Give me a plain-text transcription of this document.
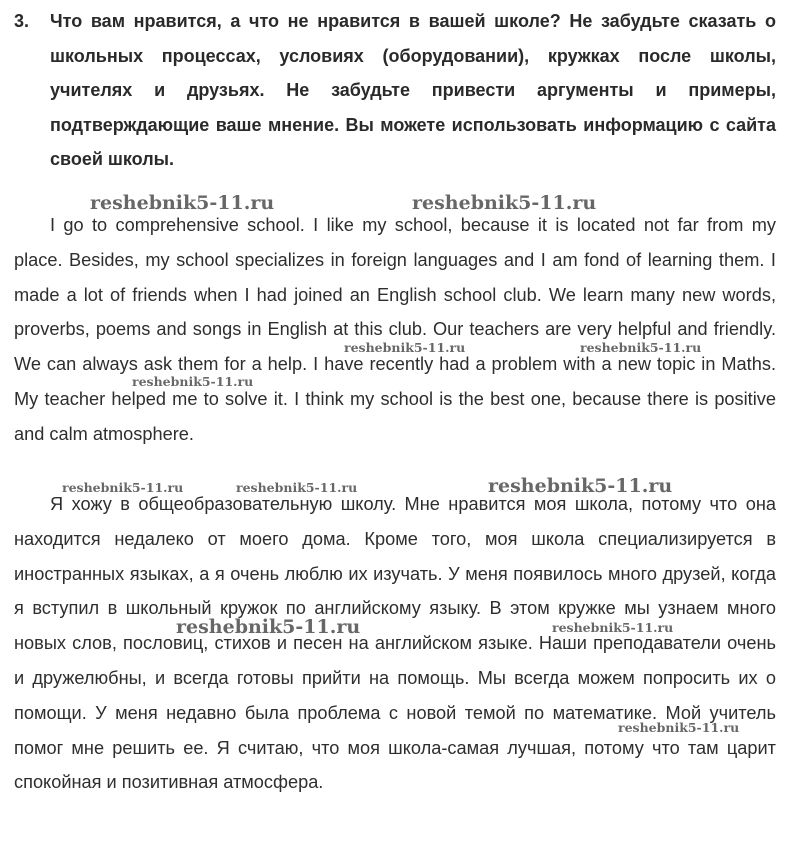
3. Что вам нравится, а что не нравится в вашей школе? Не забудьте сказать о школьных процессах, условиях (оборудовании), кружках после школы, учителях и друзьях. Не забудьте привести аргументы и примеры, подтверждающие ваше мнение. Вы можете использовать информацию с сайта своей школы.
I go to comprehensive school. I like my school, because it is located not far from my place. Besides, my school specializes in foreign languages and I am fond of learning them. I made a lot of friends when I had joined an English school club. We learn many new words, proverbs, poems and songs in English at this club. Our teachers are very helpful and friendly. We can always ask them for a help. I have recently had a problem with a new topic in Maths. My teacher helped me to solve it. I think my school is the best one, because there is positive and calm atmosphere.
Я хожу в общеобразовательную школу. Мне нравится моя школа, потому что она находится недалеко от моего дома. Кроме того, моя школа специализируется в иностранных языках, а я очень люблю их изучать. У меня появилось много друзей, когда я вступил в школьный кружок по английскому языку. В этом кружке мы узнаем много новых слов, пословиц, стихов и песен на английском языке. Наши преподаватели очень и дружелюбны, и всегда готовы прийти на помощь. Мы всегда можем попросить их о помощи. У меня недавно была проблема с новой темой по математике. Мой учитель помог мне решить ее. Я считаю, что моя школа-самая лучшая, потому что там царит спокойная и позитивная атмосфера.
reshebnik5-11.ru	reshebnik5-11.ru
reshebnik5-11.ru	reshebnik5-11.ru
reshebnik5-11.ru
reshebnik5-11.ru	reshebnik5-11.ru	reshebnik5-11.ru
reshebnik5-11.ru	reshebnik5-11.ru
reshebnik5-11.ru
